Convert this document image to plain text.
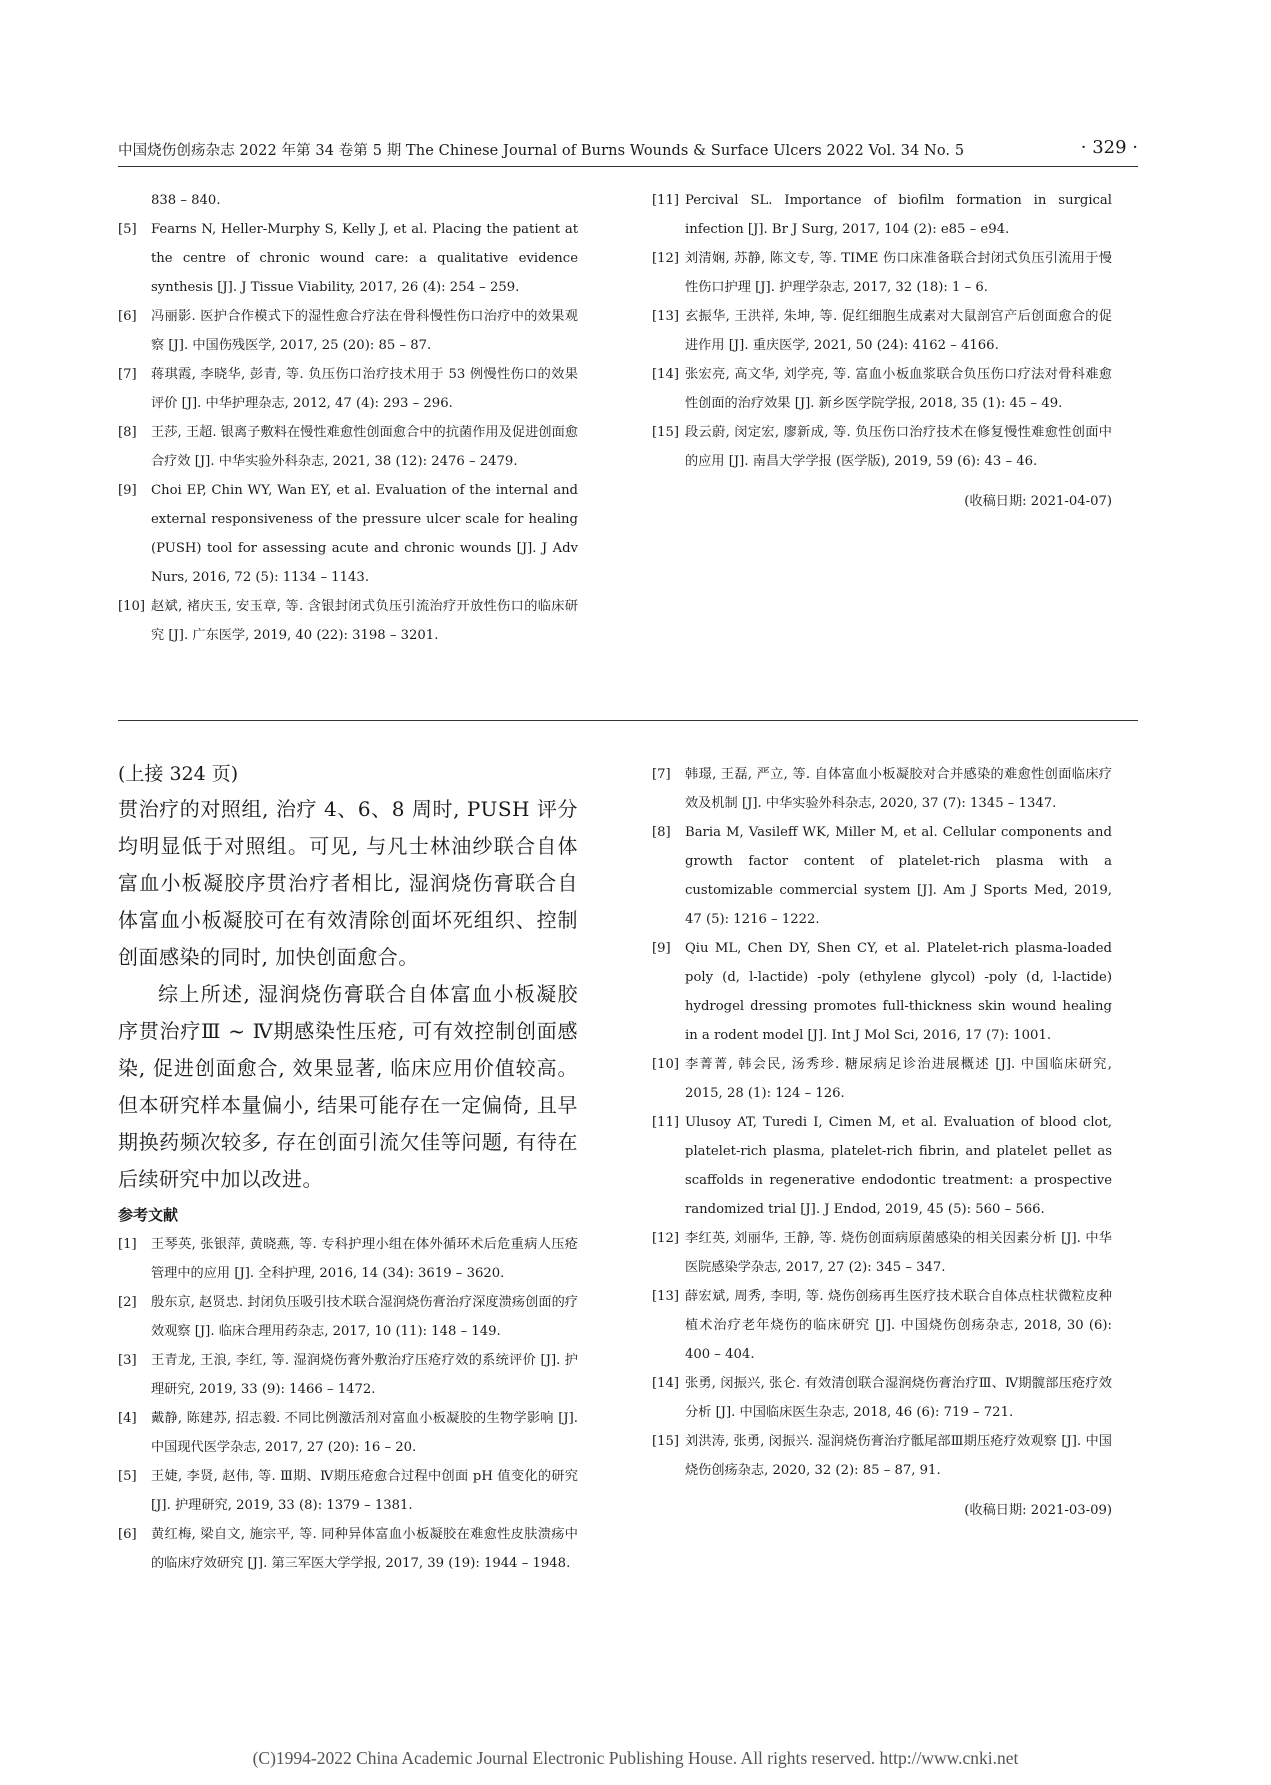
中国烧伤创疡杂志 2022 年第 34 卷第 5 期 The Chinese Journal of Burns Wounds & Surface Ulcers 2022 Vol. 34 No. 5	· 329 ·
838 – 840.
[5] Fearns N, Heller-Murphy S, Kelly J, et al. Placing the patient at the centre of chronic wound care: a qualitative evidence synthesis [J]. J Tissue Viability, 2017, 26 (4): 254 – 259.
[6] 冯丽影. 医护合作模式下的湿性愈合疗法在骨科慢性伤口治疗中的效果观察 [J]. 中国伤残医学, 2017, 25 (20): 85 – 87.
[7] 蒋琪霞, 李晓华, 彭青, 等. 负压伤口治疗技术用于 53 例慢性伤口的效果评价 [J]. 中华护理杂志, 2012, 47 (4): 293 – 296.
[8] 王莎, 王超. 银离子敷料在慢性难愈性创面愈合中的抗菌作用及促进创面愈合疗效 [J]. 中华实验外科杂志, 2021, 38 (12): 2476 – 2479.
[9] Choi EP, Chin WY, Wan EY, et al. Evaluation of the internal and external responsiveness of the pressure ulcer scale for healing (PUSH) tool for assessing acute and chronic wounds [J]. J Adv Nurs, 2016, 72 (5): 1134 – 1143.
[10] 赵斌, 褚庆玉, 安玉章, 等. 含银封闭式负压引流治疗开放性伤口的临床研究 [J]. 广东医学, 2019, 40 (22): 3198 – 3201.
[11] Percival SL. Importance of biofilm formation in surgical infection [J]. Br J Surg, 2017, 104 (2): e85 – e94.
[12] 刘清娴, 苏静, 陈文专, 等. TIME 伤口床准备联合封闭式负压引流用于慢性伤口护理 [J]. 护理学杂志, 2017, 32 (18): 1 – 6.
[13] 玄振华, 王洪祥, 朱坤, 等. 促红细胞生成素对大鼠剖宫产后创面愈合的促进作用 [J]. 重庆医学, 2021, 50 (24): 4162 – 4166.
[14] 张宏亮, 高文华, 刘学亮, 等. 富血小板血浆联合负压伤口疗法对骨科难愈性创面的治疗效果 [J]. 新乡医学院学报, 2018, 35 (1): 45 – 49.
[15] 段云蔚, 闵定宏, 廖新成, 等. 负压伤口治疗技术在修复慢性难愈性创面中的应用 [J]. 南昌大学学报 (医学版), 2019, 59 (6): 43 – 46.
(收稿日期: 2021-04-07)
(上接 324 页)
贯治疗的对照组, 治疗 4、6、8 周时, PUSH 评分均明显低于对照组。可见, 与凡士林油纱联合自体富血小板凝胶序贯治疗者相比, 湿润烧伤膏联合自体富血小板凝胶可在有效清除创面坏死组织、控制创面感染的同时, 加快创面愈合。
综上所述, 湿润烧伤膏联合自体富血小板凝胶序贯治疗Ⅲ ~ Ⅳ期感染性压疮, 可有效控制创面感染, 促进创面愈合, 效果显著, 临床应用价值较高。但本研究样本量偏小, 结果可能存在一定偏倚, 且早期换药频次较多, 存在创面引流欠佳等问题, 有待在后续研究中加以改进。
参考文献
[1] 王琴英, 张银萍, 黄晓燕, 等. 专科护理小组在体外循环术后危重病人压疮管理中的应用 [J]. 全科护理, 2016, 14 (34): 3619 – 3620.
[2] 殷东京, 赵贤忠. 封闭负压吸引技术联合湿润烧伤膏治疗深度溃疡创面的疗效观察 [J]. 临床合理用药杂志, 2017, 10 (11): 148 – 149.
[3] 王青龙, 王浪, 李红, 等. 湿润烧伤膏外敷治疗压疮疗效的系统评价 [J]. 护理研究, 2019, 33 (9): 1466 – 1472.
[4] 戴静, 陈建苏, 招志毅. 不同比例激活剂对富血小板凝胶的生物学影响 [J]. 中国现代医学杂志, 2017, 27 (20): 16 – 20.
[5] 王婕, 李贤, 赵伟, 等. Ⅲ期、Ⅳ期压疮愈合过程中创面 pH 值变化的研究 [J]. 护理研究, 2019, 33 (8): 1379 – 1381.
[6] 黄红梅, 梁自文, 施宗平, 等. 同种异体富血小板凝胶在难愈性皮肤溃疡中的临床疗效研究 [J]. 第三军医大学学报, 2017, 39 (19): 1944 – 1948.
[7] 韩璟, 王磊, 严立, 等. 自体富血小板凝胶对合并感染的难愈性创面临床疗效及机制 [J]. 中华实验外科杂志, 2020, 37 (7): 1345 – 1347.
[8] Baria M, Vasileff WK, Miller M, et al. Cellular components and growth factor content of platelet-rich plasma with a customizable commercial system [J]. Am J Sports Med, 2019, 47 (5): 1216 – 1222.
[9] Qiu ML, Chen DY, Shen CY, et al. Platelet-rich plasma-loaded poly (d, l-lactide) -poly (ethylene glycol) -poly (d, l-lactide) hydrogel dressing promotes full-thickness skin wound healing in a rodent model [J]. Int J Mol Sci, 2016, 17 (7): 1001.
[10] 李菁菁, 韩会民, 汤秀珍. 糖尿病足诊治进展概述 [J]. 中国临床研究, 2015, 28 (1): 124 – 126.
[11] Ulusoy AT, Turedi I, Cimen M, et al. Evaluation of blood clot, platelet-rich plasma, platelet-rich fibrin, and platelet pellet as scaffolds in regenerative endodontic treatment: a prospective randomized trial [J]. J Endod, 2019, 45 (5): 560 – 566.
[12] 李红英, 刘丽华, 王静, 等. 烧伤创面病原菌感染的相关因素分析 [J]. 中华医院感染学杂志, 2017, 27 (2): 345 – 347.
[13] 薛宏斌, 周秀, 李明, 等. 烧伤创疡再生医疗技术联合自体点柱状微粒皮种植术治疗老年烧伤的临床研究 [J]. 中国烧伤创疡杂志, 2018, 30 (6): 400 – 404.
[14] 张勇, 闵振兴, 张仑. 有效清创联合湿润烧伤膏治疗Ⅲ、Ⅳ期髋部压疮疗效分析 [J]. 中国临床医生杂志, 2018, 46 (6): 719 – 721.
[15] 刘洪涛, 张勇, 闵振兴. 湿润烧伤膏治疗骶尾部Ⅲ期压疮疗效观察 [J]. 中国烧伤创疡杂志, 2020, 32 (2): 85 – 87, 91.
(收稿日期: 2021-03-09)
(C)1994-2022 China Academic Journal Electronic Publishing House. All rights reserved. http://www.cnki.net
